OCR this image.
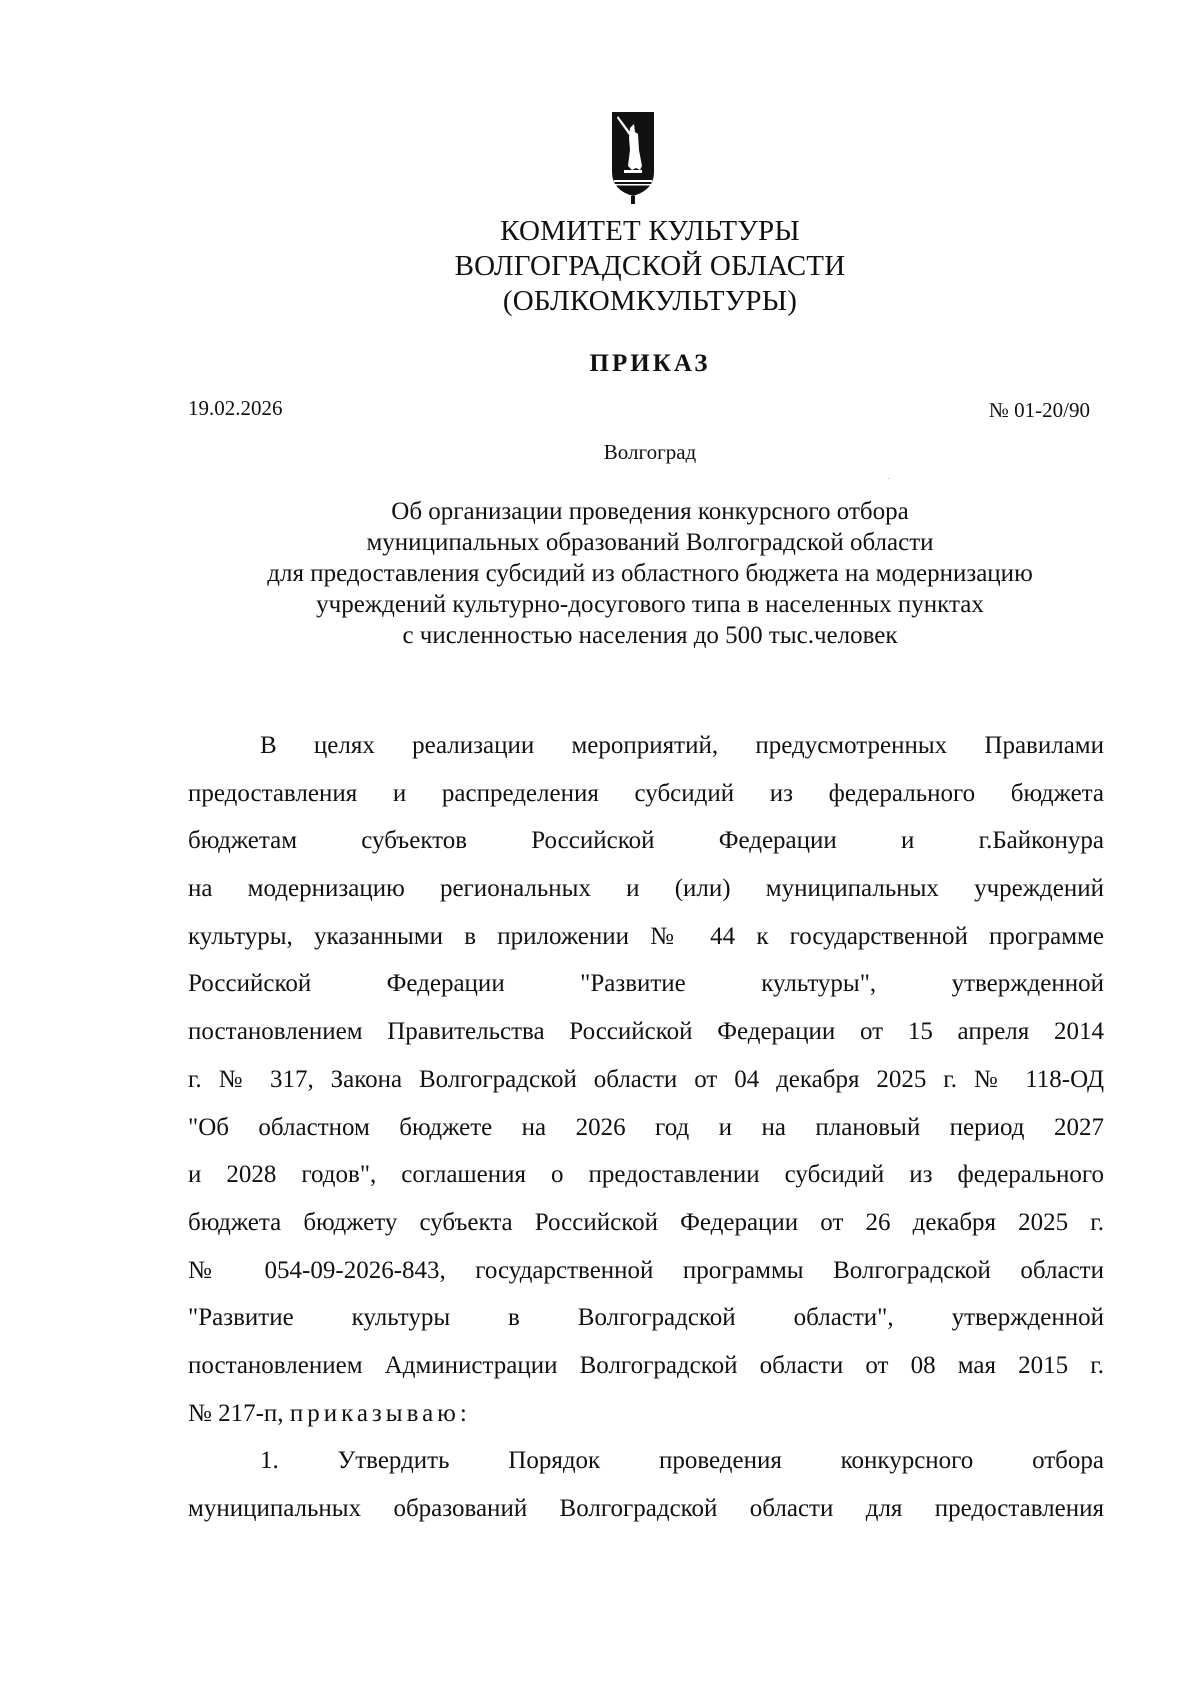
КОМИТЕТ КУЛЬТУРЫ
ВОЛГОГРАДСКОЙ ОБЛАСТИ
(ОБЛКОМКУЛЬТУРЫ)
ПРИКАЗ
19.02.2026	№ 01-20/90
Волгоград
Об организации проведения конкурсного отбора
муниципальных образований Волгоградской области
для предоставления субсидий из областного бюджета на модернизацию
учреждений культурно-досугового типа в населенных пунктах
с численностью населения до 500 тыс.человек
В целях реализации мероприятий, предусмотренных Правилами
предоставления и распределения субсидий из федерального бюджета
бюджетам субъектов Российской Федерации и г.Байконура
на модернизацию региональных и (или) муниципальных учреждений
культуры, указанными в приложении № 44 к государственной программе
Российской Федерации "Развитие культуры", утвержденной
постановлением Правительства Российской Федерации от 15 апреля 2014
г. № 317, Закона Волгоградской области от 04 декабря 2025 г. № 118-ОД
"Об областном бюджете на 2026 год и на плановый период 2027
и 2028 годов", соглашения о предоставлении субсидий из федерального
бюджета бюджету субъекта Российской Федерации от 26 декабря 2025 г.
№ 054-09-2026-843, государственной программы Волгоградской области
"Развитие культуры в Волгоградской области", утвержденной
постановлением Администрации Волгоградской области от 08 мая 2015 г.
№ 217-п, приказываю:
1. Утвердить Порядок проведения конкурсного отбора
муниципальных образований Волгоградской области для предоставления
